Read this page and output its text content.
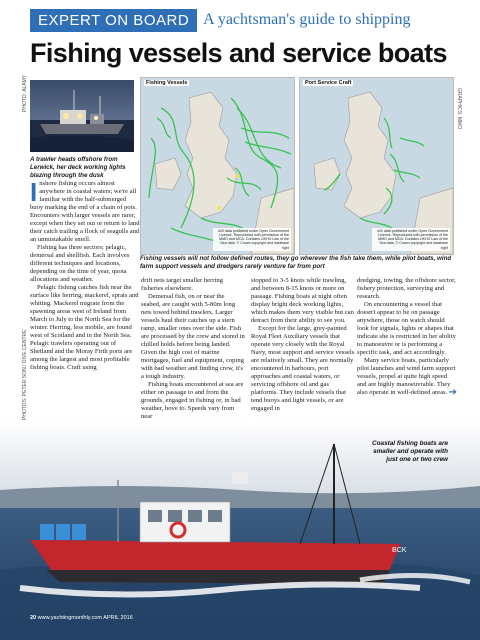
EXPERT ON BOARD A yachtsman's guide to shipping
Fishing vessels and service boats
PHOTO: ALAMY	GRAPHICS: MMO
PHOTOS: PETER SON / DIVE CENTRE
A trawler heads offshore from Lerwick, her deck working lights blazing through the dusk

Inshore fishing occurs almost anywhere in coastal waters; we're all familiar with the half-submerged buoy marking the end of a chain of pots. Encounters with larger vessels are rarer, except when they set out or return to land their catch trailing a flock of seagulls and an unmistakable smell.

Fishing has three sectors; pelagic, demersal and shellfish. Each involves different techniques and locations, depending on the time of year, quota allocations and weather.

Pelagic fishing catches fish near the surface like herring, mackerel, sprats and whiting. Mackerel migrate from the spawning areas west of Ireland from March to July to the North Sea for the winter. Herring, less mobile, are found west of Scotland and in the North Sea. Pelagic trawlers operating out of Shetland and the Moray Firth ports are among the largest and most profitable fishing boats. Craft using

Fishing Vessels
AIS data published under Open Government Licence. Reproduced with permission of the MMO and MCA. Contains UKHO Law of the Sea data. © Crown copyright and database right
Port Service Craft
AIS data published under Open Government Licence. Reproduced with permission of the MMO and MCA. Contains UKHO Law of the Sea data. © Crown copyright and database right
Fishing vessels will not follow defined routes, they go wherever the fish take them, while pilot boats, wind farm support vessels and dredgers rarely venture far from port

drift nets target smaller herring fisheries elsewhere.

Demersal fish, on or near the seabed, are caught with 5-80m long nets towed behind trawlers. Larger vessels haul their catches up a stern ramp, smaller ones over the side. Fish are processed by the crew and stored in chilled holds before being landed. Given the high cost of marine mortgages, fuel and equipment, coping with bad weather and finding crew, it's a tough industry.

Fishing boats encountered at sea are either on passage to and from the grounds, engaged in fishing or, in bad weather, hove to. Speeds vary from near

stopped to 3-5 knots while trawling, and between 8-15 knots or more on passage. Fishing boats at night often display bright deck working lights, which makes them very visible but can detract from their ability to see you.

Except for the large, grey-painted Royal Fleet Auxiliary vessels that operate very closely with the Royal Navy, most support and service vessels are relatively small. They are normally encountered in harbours, port approaches and coastal waters, or servicing offshore oil and gas platforms. They include vessels that tend buoys and light vessels, or are engaged in

dredging, towing, the offshore sector, fishery protection, surveying and research.

On encountering a vessel that doesn't appear to be on passage anywhere, those on watch should look for signals, lights or shapes that indicate she is restricted in her ability to manoeuvre or is performing a specific task, and act accordingly.

Many service boats, particularly pilot launches and wind farm support vessels, propel at quite high speed and are highly manoeuvrable. They also operate in well-defined areas. ➔

BCK
Coastal fishing boats are smaller and operate with just one or two crew
20 www.yachtingmonthly.com APRIL 2016
